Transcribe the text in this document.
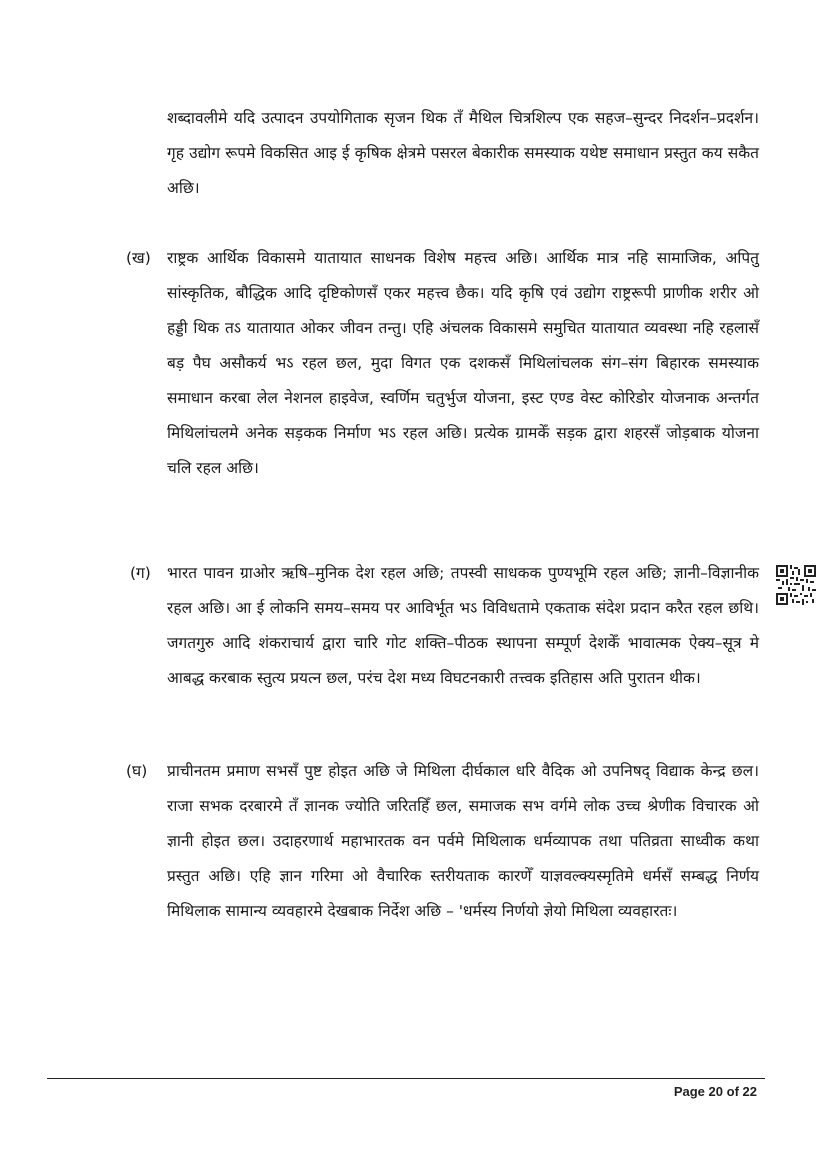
शब्दावलीमे यदि उत्पादन उपयोगिताक सृजन थिक तँ मैथिल चित्रशिल्प एक सहज–सुन्दर निदर्शन–प्रदर्शन। गृह उद्योग रूपमे विकसित आइ ई कृषिक क्षेत्रमे पसरल बेकारीक समस्याक यथेष्ट समाधान प्रस्तुत कय सकैत अछि।

(ख) राष्ट्रक आर्थिक विकासमे यातायात साधनक विशेष महत्त्व अछि। आर्थिक मात्र नहि सामाजिक, अपितु सांस्कृतिक, बौद्धिक आदि दृष्टिकोणसँ एकर महत्त्व छैक। यदि कृषि एवं उद्योग राष्ट्ररूपी प्राणीक शरीर ओ हड्डी थिक तऽ यातायात ओकर जीवन तन्तु। एहि अंचलक विकासमे समुचित यातायात व्यवस्था नहि रहलासँ बड़ पैघ असौकर्य भऽ रहल छल, मुदा विगत एक दशकसँ मिथिलांचलक संग–संग बिहारक समस्याक समाधान करबा लेल नेशनल हाइवेज, स्वर्णिम चतुर्भुज योजना, इस्ट एण्ड वेस्ट कोरिडोर योजनाक अन्तर्गत मिथिलांचलमे अनेक सड़कक निर्माण भऽ रहल अछि। प्रत्येक ग्रामकेँ सड़क द्वारा शहरसँ जोड़बाक योजना चलि रहल अछि।

(ग) भारत पावन ग्राओर ऋषि–मुनिक देश रहल अछि; तपस्वी साधकक पुण्यभूमि रहल अछि; ज्ञानी–विज्ञानीक रहल अछि। आ ई लोकनि समय–समय पर आविर्भूत भऽ विविधतामे एकताक संदेश प्रदान करैत रहल छथि। जगतगुरु आदि शंकराचार्य द्वारा चारि गोट शक्ति–पीठक स्थापना सम्पूर्ण देशकेँ भावात्मक ऐक्य–सूत्र मे आबद्ध करबाक स्तुत्य प्रयत्न छल, परंच देश मध्य विघटनकारी तत्त्वक इतिहास अति पुरातन थीक।

(घ) प्राचीनतम प्रमाण सभसँ पुष्ट होइत अछि जे मिथिला दीर्घकाल धरि वैदिक ओ उपनिषद् विद्याक केन्द्र छल। राजा सभक दरबारमे तँ ज्ञानक ज्योति जरितहिँ छल, समाजक सभ वर्गमे लोक उच्च श्रेणीक विचारक ओ ज्ञानी होइत छल। उदाहरणार्थ महाभारतक वन पर्वमे मिथिलाक धर्मव्यापक तथा पतिव्रता साध्वीक कथा प्रस्तुत अछि। एहि ज्ञान गरिमा ओ वैचारिक स्तरीयताक कारणेँ याज्ञवल्क्यस्मृतिमे धर्मसँ सम्बद्ध निर्णय मिथिलाक सामान्य व्यवहारमे देखबाक निर्देश अछि – 'धर्मस्य निर्णयो ज्ञेयो मिथिला व्यवहारतः।

Page 20 of 22
